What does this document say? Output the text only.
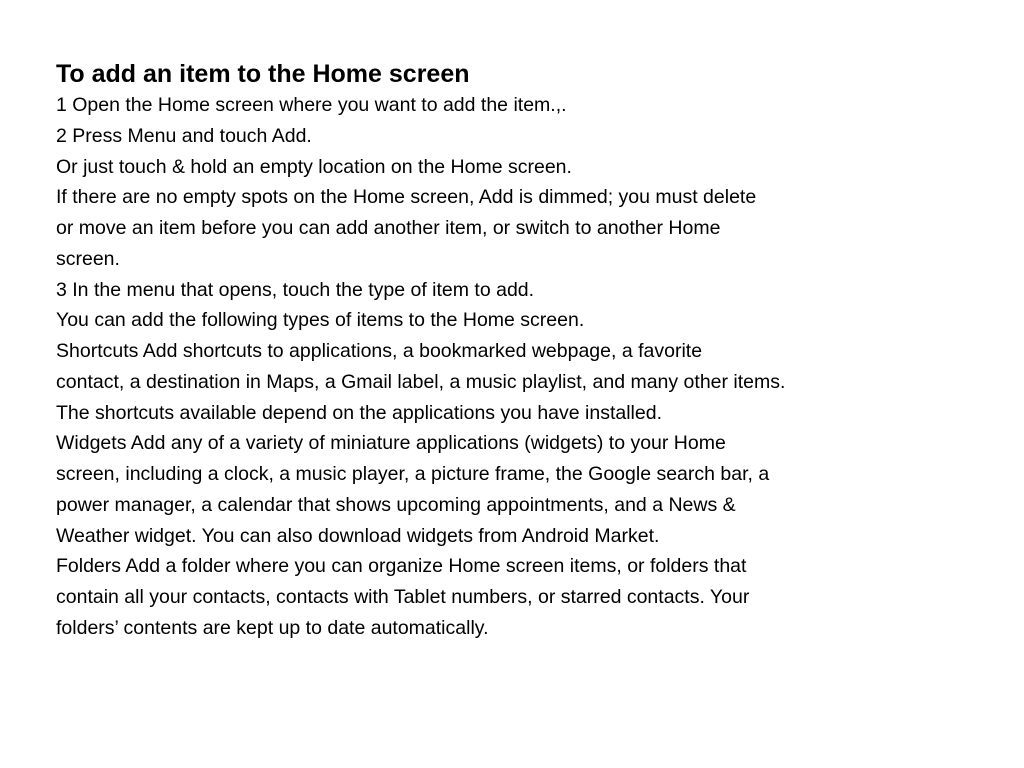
To add an item to the Home screen

1 Open the Home screen where you want to add the item.,.

2 Press Menu and touch Add.

Or just touch & hold an empty location on the Home screen.

If there are no empty spots on the Home screen, Add is dimmed; you must delete

or move an item before you can add another item, or switch to another Home

screen.

3 In the menu that opens, touch the type of item to add.

You can add the following types of items to the Home screen.

Shortcuts Add shortcuts to applications, a bookmarked webpage, a favorite

contact, a destination in Maps, a Gmail label, a music playlist, and many other items.

The shortcuts available depend on the applications you have installed.

Widgets Add any of a variety of miniature applications (widgets) to your Home

screen, including a clock, a music player, a picture frame, the Google search bar, a

power manager, a calendar that shows upcoming appointments, and a News &

Weather widget. You can also download widgets from Android Market.

Folders Add a folder where you can organize Home screen items, or folders that

contain all your contacts, contacts with Tablet numbers, or starred contacts. Your

folders’ contents are kept up to date automatically.
